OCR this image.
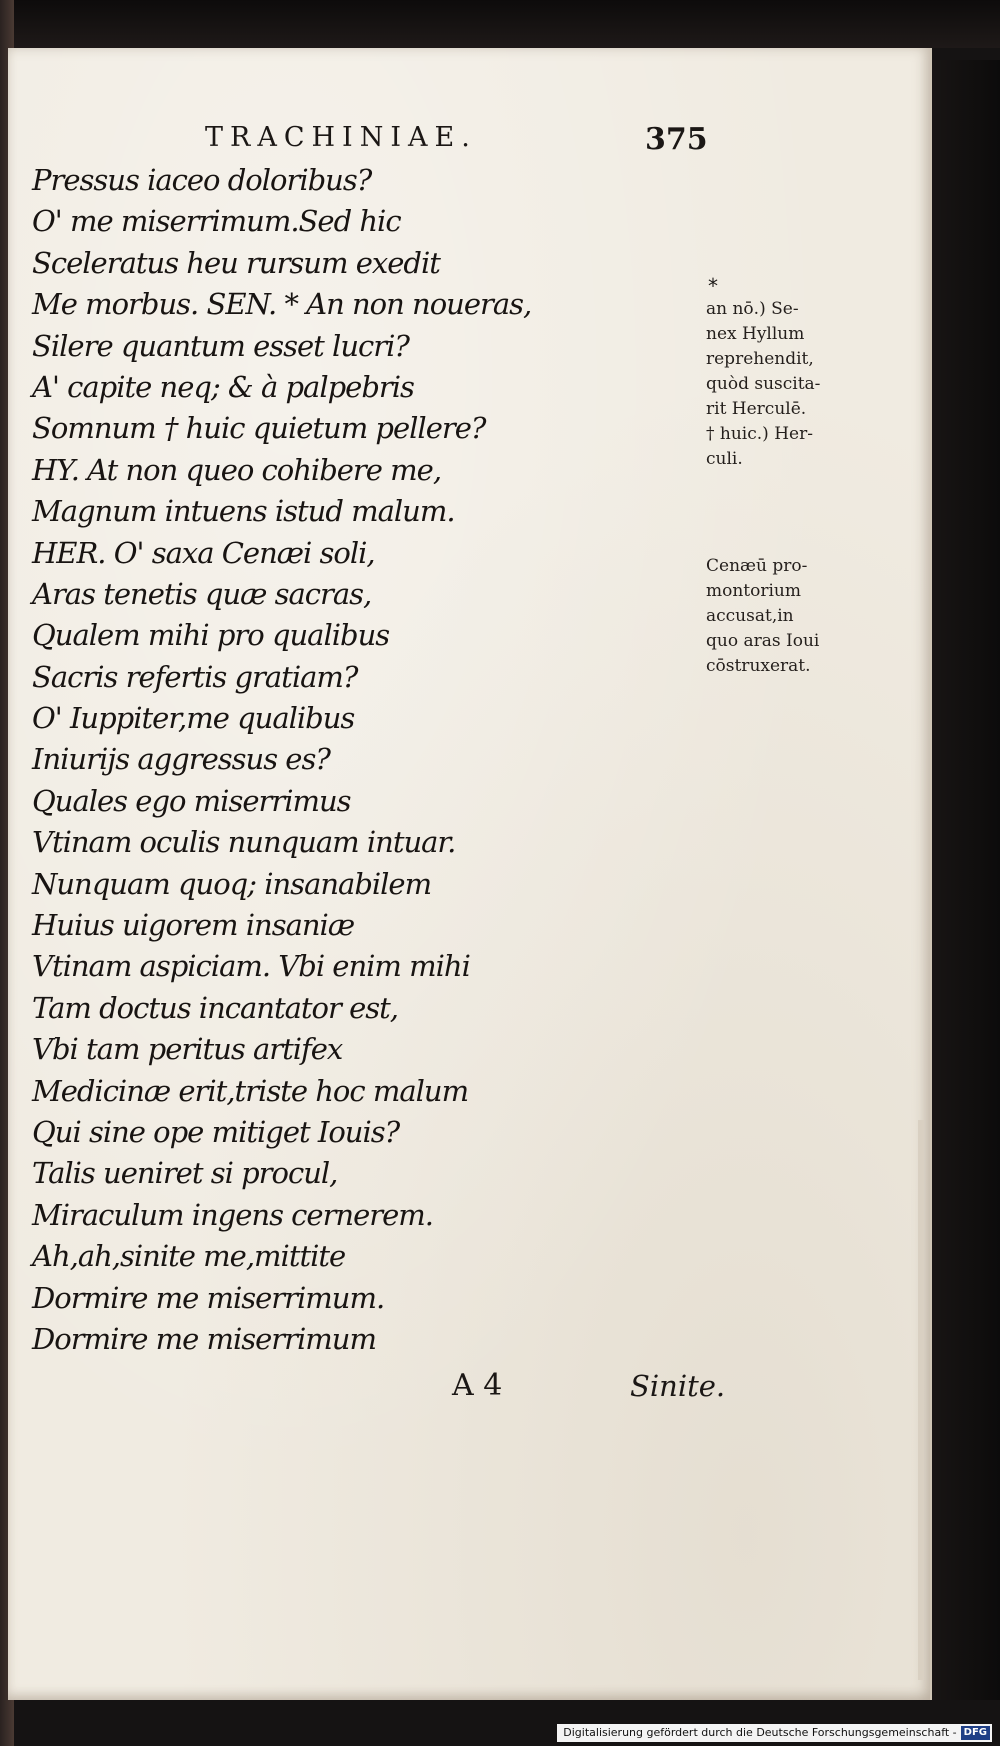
TRACHINIAE.	375
Pressus iaceo doloribus?
O' me miserrimum.Sed hic
Sceleratus heu rursum exedit
Me morbus. SEN. * An non noueras,
Silere quantum esset lucri?
A' capite neq; & à palpebris
Somnum † huic quietum pellere?
HY. At non queo cohibere me,
Magnum intuens istud malum.
HER. O' saxa Cenæi soli,
Aras tenetis quæ sacras,
Qualem mihi pro qualibus
Sacris refertis gratiam?
O' Iuppiter,me qualibus
Iniurijs aggressus es?
Quales ego miserrimus
Vtinam oculis nunquam intuar.
Nunquam quoq; insanabilem
Huius uigorem insaniæ
Vtinam aspiciam. Vbi enim mihi
Tam doctus incantator est,
Vbi tam peritus artifex
Medicinæ erit,triste hoc malum
Qui sine ope mitiget Iouis?
Talis ueniret si procul,
Miraculum ingens cernerem.
Ah,ah,sinite me,mittite
Dormire me miserrimum.
Dormire me miserrimum
*
an nō.) Se-
nex Hyllum
reprehendit,
quòd suscita-
rit Herculē.
† huic.) Her-
culi.
Cenæū pro-
montorium
accusat,in
quo aras Ioui
cōstruxerat.
A 4	Sinite.
Digitalisierung gefördert durch die Deutsche Forschungsgemeinschaft - DFG
